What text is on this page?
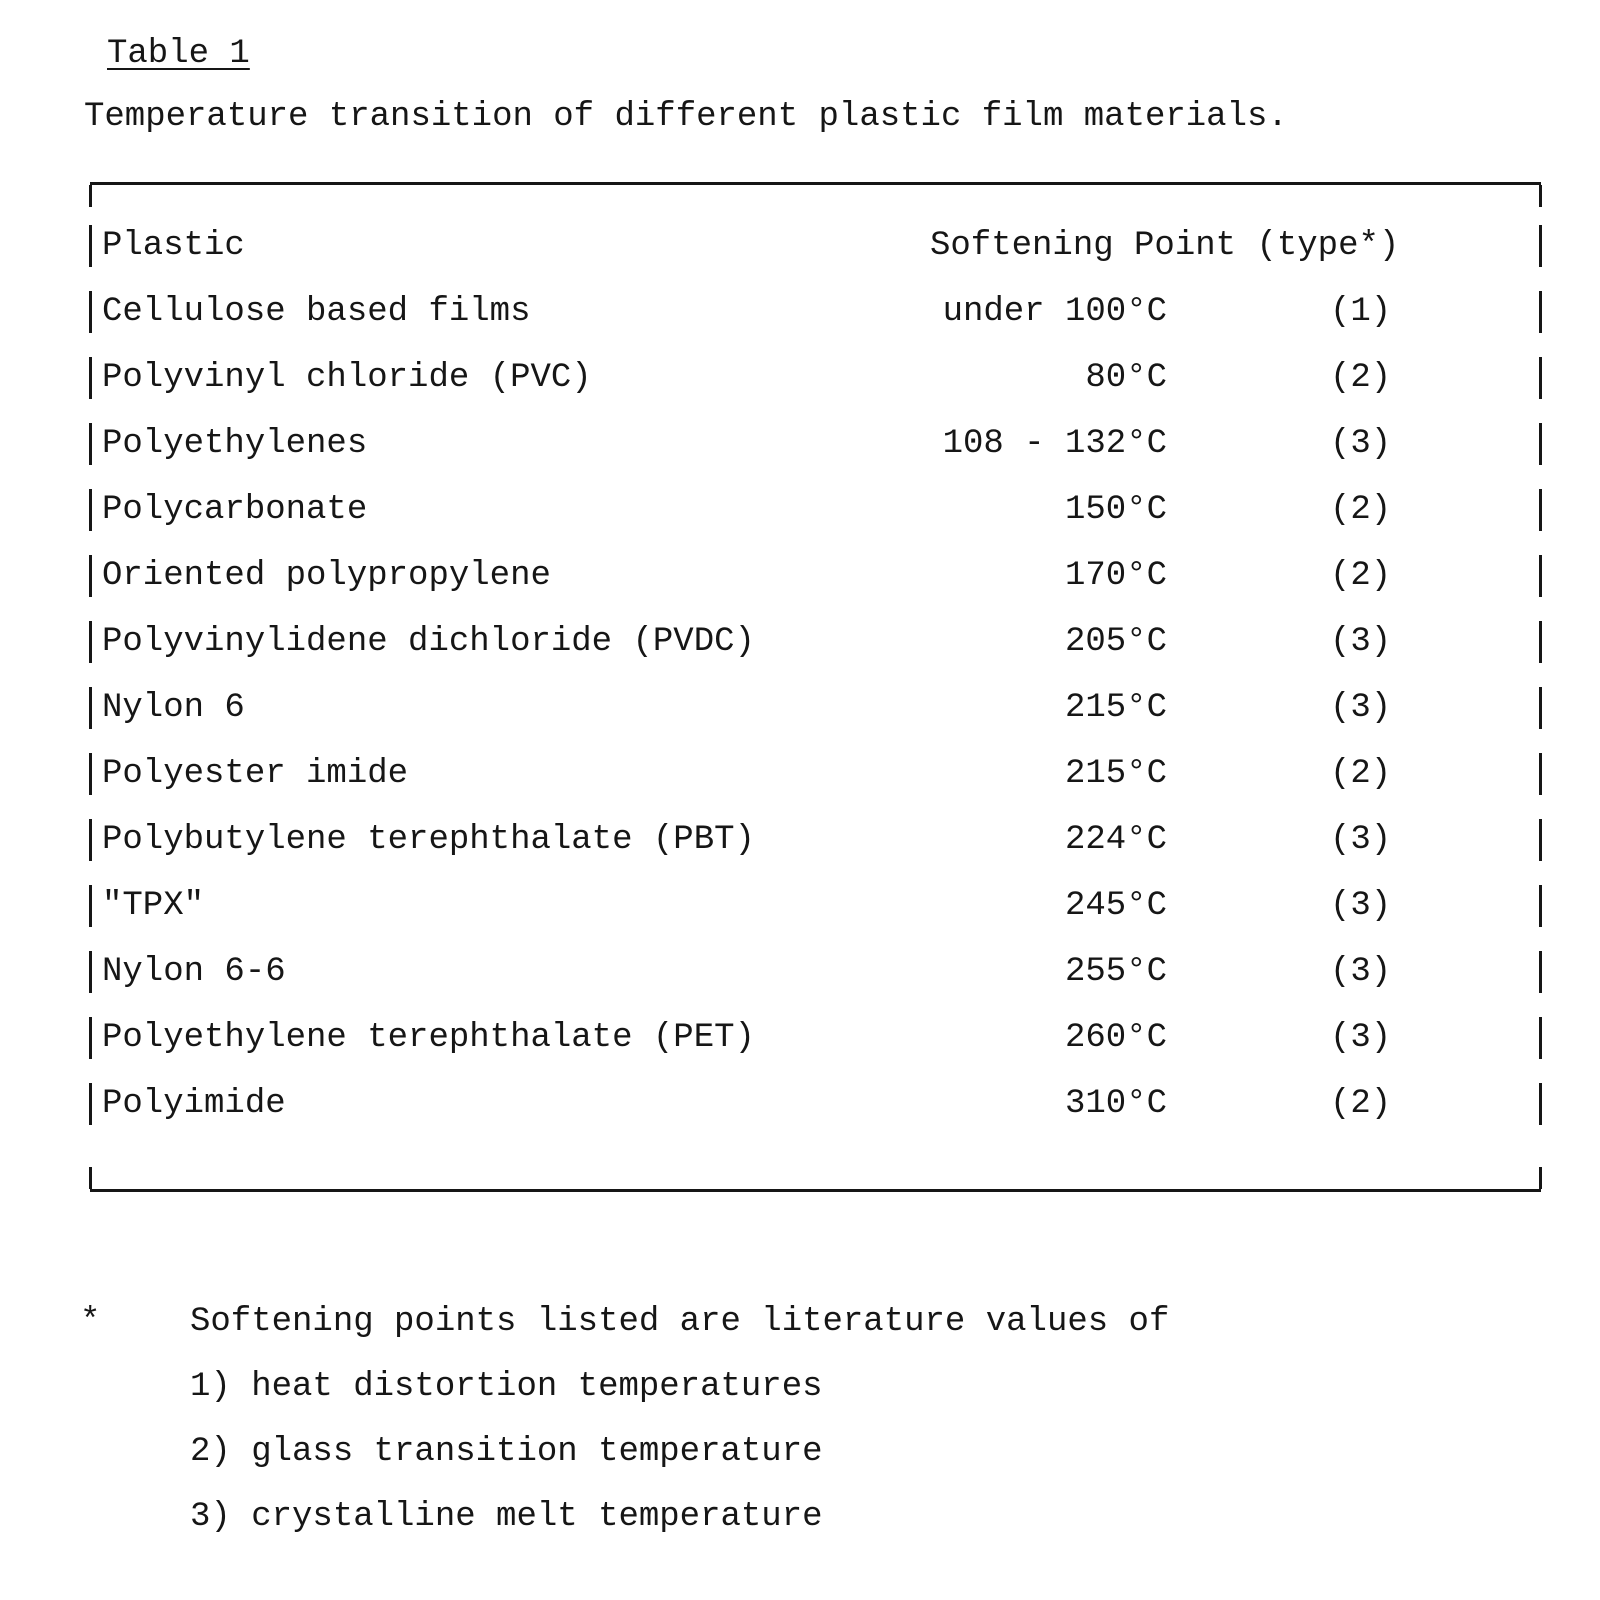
Table 1
Temperature transition of different plastic film materials.
Plastic	Softening Point (type*)
Cellulose based films	under 100°C	(1)
Polyvinyl chloride (PVC)	80°C	(2)
Polyethylenes	108 - 132°C	(3)
Polycarbonate	150°C	(2)
Oriented polypropylene	170°C	(2)
Polyvinylidene dichloride (PVDC)	205°C	(3)
Nylon 6	215°C	(3)
Polyester imide	215°C	(2)
Polybutylene terephthalate (PBT)	224°C	(3)
"TPX"	245°C	(3)
Nylon 6-6	255°C	(3)
Polyethylene terephthalate (PET)	260°C	(3)
Polyimide	310°C	(2)
*	Softening points listed are literature values of
1) heat distortion temperatures
2) glass transition temperature
3) crystalline melt temperature
